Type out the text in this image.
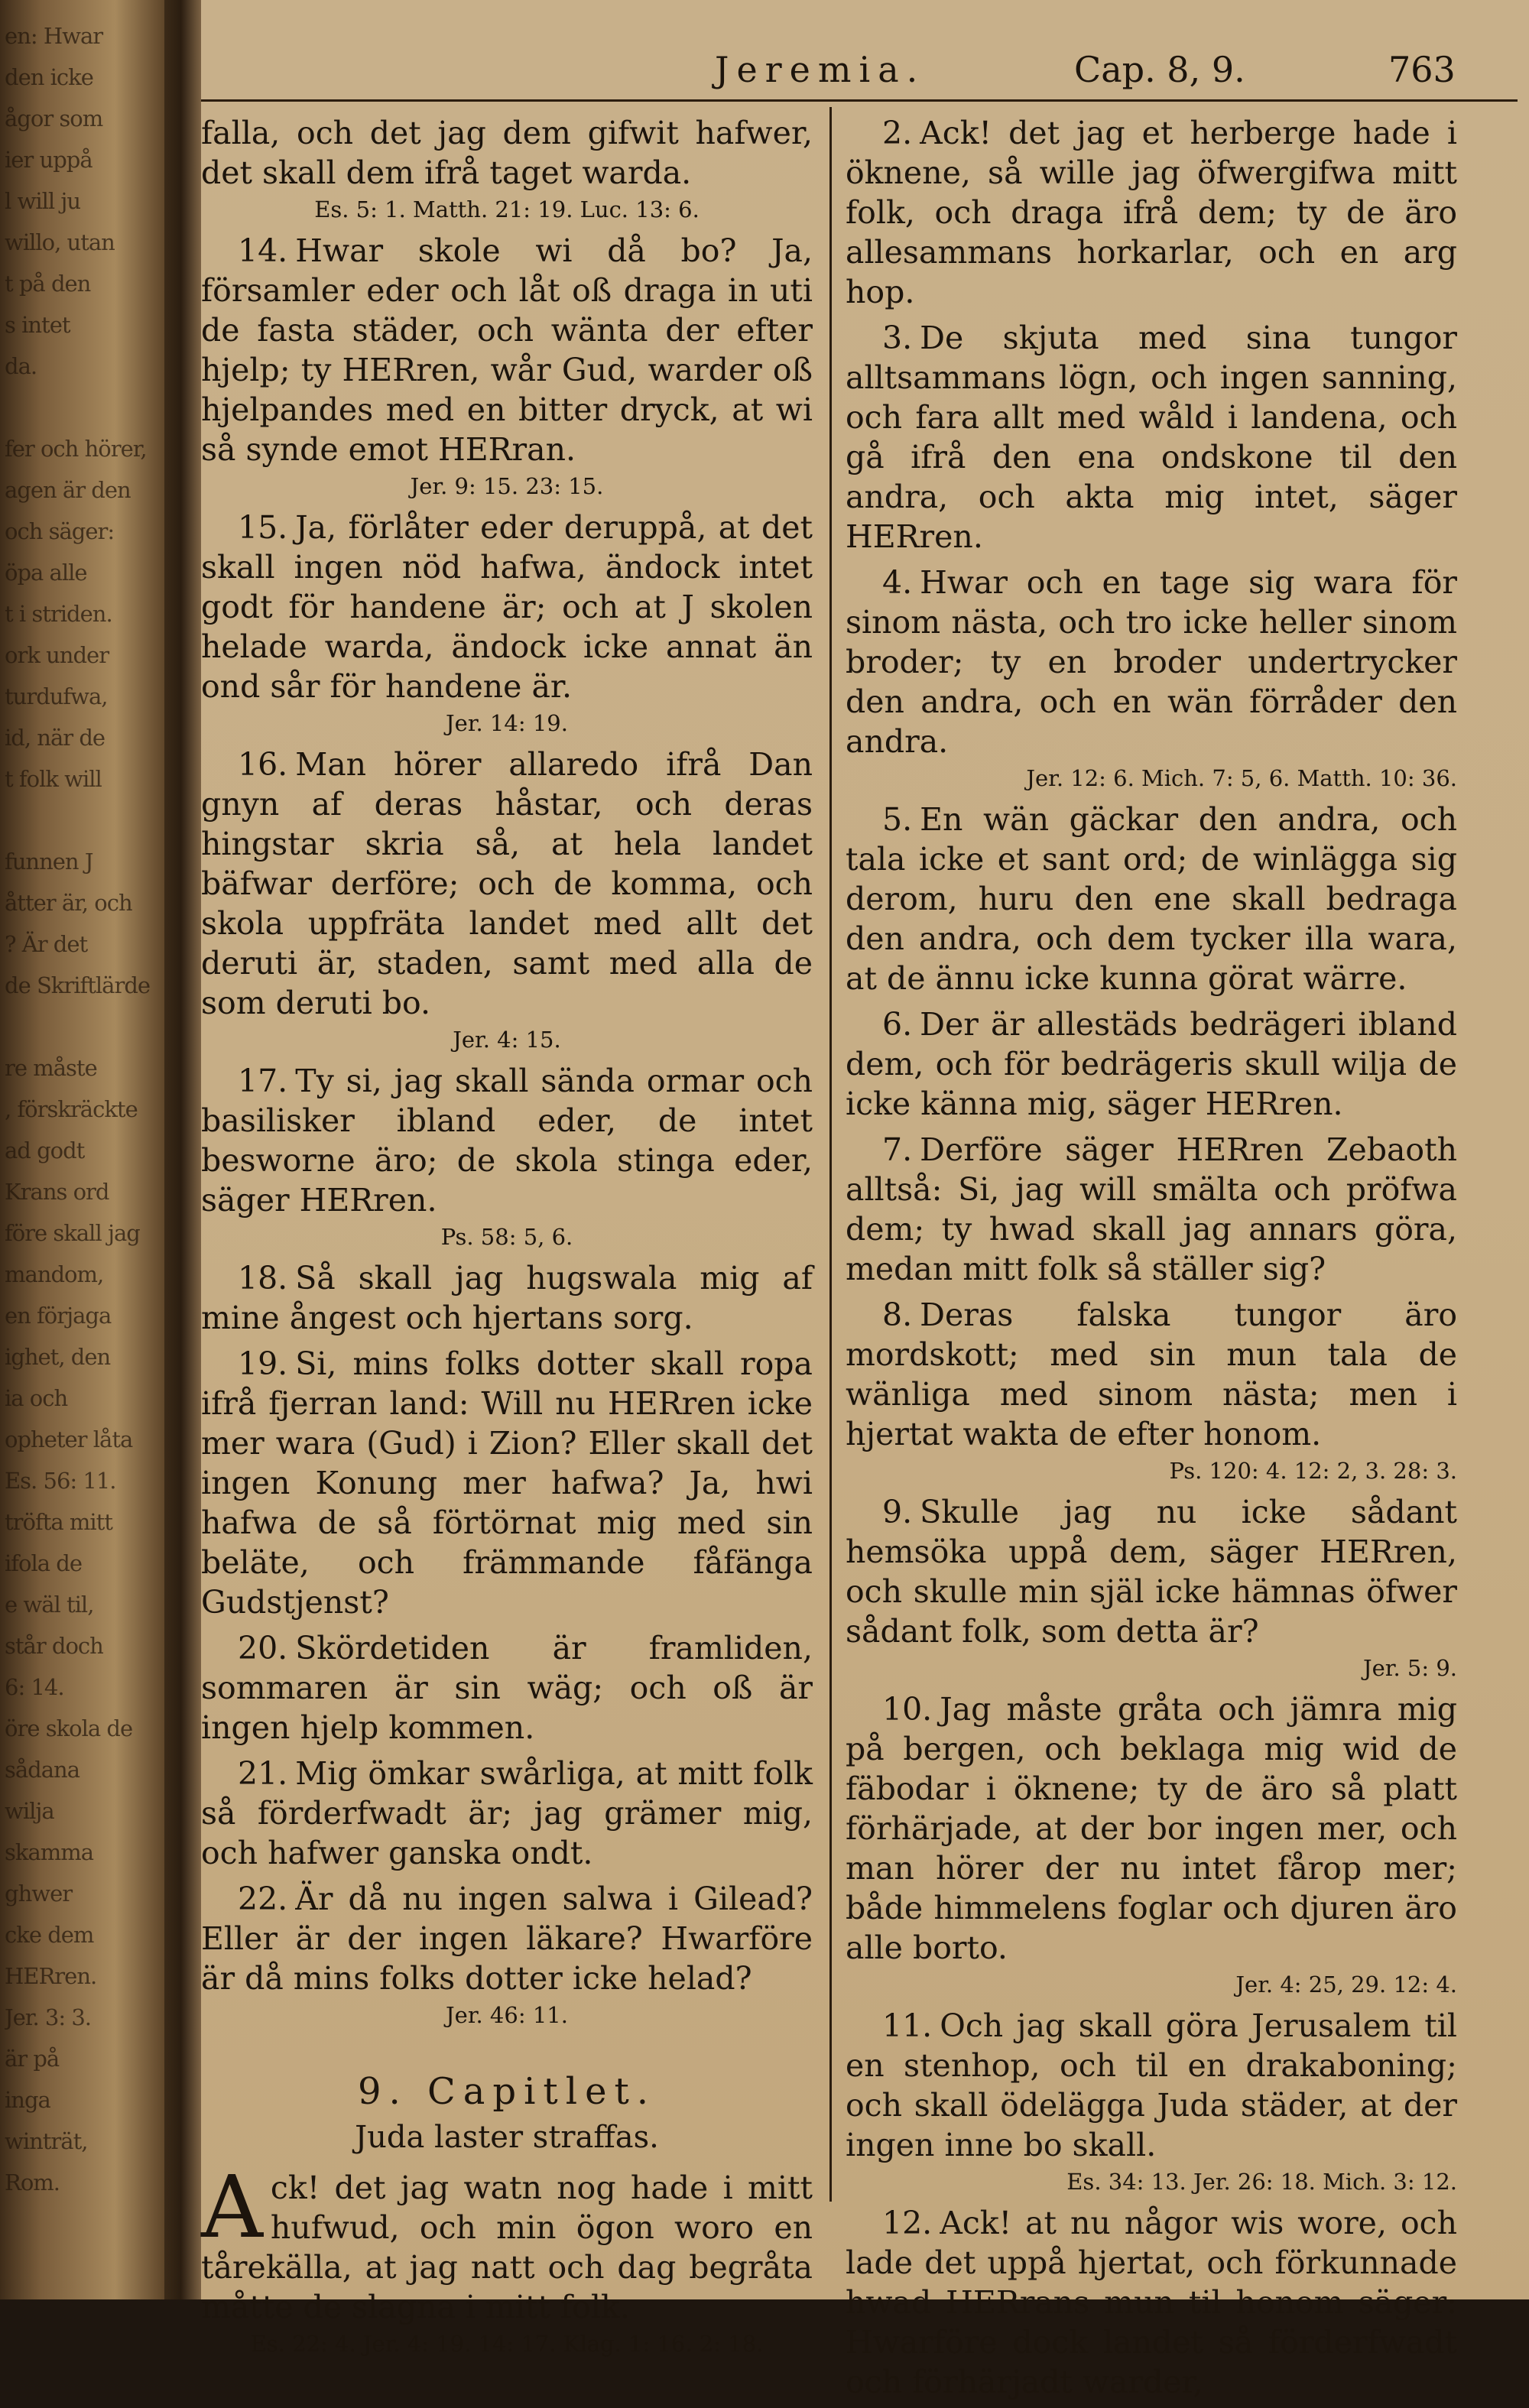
en: Hwar
den icke
ågor som
ier uppå
l will ju
willo, utan
t på den
s intet
da.
fer och hörer,
agen är den
och säger:
öpa alle
t i striden.
ork under
turdufwa,
id, när de
t folk will
funnen J
åtter är, och
? Är det
de Skriftlärde
re måste
, förskräckte
ad godt
Krans ord
före skall jag
mandom,
en förjaga
ighet, den
ia och
opheter låta
Es. 56: 11.
tröfta mitt
ifola de
e wäl til,
står doch
6: 14.
öre skola de
sådana
wilja
skamma
ghwer
cke dem
HERren.
Jer. 3: 3.
är på
inga
winträt,
Rom.
Jeremia.	Cap. 8, 9.	763

falla, och det jag dem gifwit hafwer, det skall dem ifrå taget warda.

Es. 5: 1. Matth. 21: 19. Luc. 13: 6.

14. Hwar skole wi då bo? Ja, församler eder och låt oß draga in uti de fasta städer, och wänta der efter hjelp; ty HERren, wår Gud, warder oß hjelpandes med en bitter dryck, at wi så synde emot HERran.

Jer. 9: 15. 23: 15.

15. Ja, förlåter eder deruppå, at det skall ingen nöd hafwa, ändock intet godt för handene är; och at J skolen helade warda, ändock icke annat än ond sår för handene är.

Jer. 14: 19.

16. Man hörer allaredo ifrå Dan gnyn af deras håstar, och deras hingstar skria så, at hela landet bäfwar derföre; och de komma, och skola uppfräta landet med allt det deruti är, staden, samt med alla de som deruti bo.

Jer. 4: 15.

17. Ty si, jag skall sända ormar och basilisker ibland eder, de intet besworne äro; de skola stinga eder, säger HERren.

Ps. 58: 5, 6.

18. Så skall jag hugswala mig af mine ångest och hjertans sorg.

19. Si, mins folks dotter skall ropa ifrå fjerran land: Will nu HERren icke mer wara (Gud) i Zion? Eller skall det ingen Konung mer hafwa? Ja, hwi hafwa de så förtörnat mig med sin beläte, och främmande fåfänga Gudstjenst?

20. Skördetiden är framliden, sommaren är sin wäg; och oß är ingen hjelp kommen.

21. Mig ömkar swårliga, at mitt folk så förderfwadt är; jag grämer mig, och hafwer ganska ondt.

22. Är då nu ingen salwa i Gilead? Eller är der ingen läkare? Hwarföre är då mins folks dotter icke helad?

Jer. 46: 11.
9. Capitlet.
Juda laster straffas.

Ack! det jag watn nog hade i mitt hufwud, och min ögon woro en tårekälla, at jag natt och dag begråta måtte de slagna i mitt folk.

Es. 22: 4. Jer. 4: 19. 14: 17. Klag. 1: 16. 2: 18.

2. Ack! det jag et herberge hade i öknene, så wille jag öfwergifwa mitt folk, och draga ifrå dem; ty de äro allesammans horkarlar, och en arg hop.

3. De skjuta med sina tungor alltsammans lögn, och ingen sanning, och fara allt med wåld i landena, och gå ifrå den ena ondskone til den andra, och akta mig intet, säger HERren.

4. Hwar och en tage sig wara för sinom nästa, och tro icke heller sinom broder; ty en broder undertrycker den andra, och en wän förråder den andra.

Jer. 12: 6. Mich. 7: 5, 6. Matth. 10: 36.

5. En wän gäckar den andra, och tala icke et sant ord; de winlägga sig derom, huru den ene skall bedraga den andra, och dem tycker illa wara, at de ännu icke kunna görat wärre.

6. Der är allestäds bedrägeri ibland dem, och för bedrägeris skull wilja de icke känna mig, säger HERren.

7. Derföre säger HERren Zebaoth alltså: Si, jag will smälta och pröfwa dem; ty hwad skall jag annars göra, medan mitt folk så ställer sig?

8. Deras falska tungor äro mordskott; med sin mun tala de wänliga med sinom nästa; men i hjertat wakta de efter honom.

Ps. 120: 4. 12: 2, 3. 28: 3.

9. Skulle jag nu icke sådant hemsöka uppå dem, säger HERren, och skulle min själ icke hämnas öfwer sådant folk, som detta är?

Jer. 5: 9.

10. Jag måste gråta och jämra mig på bergen, och beklaga mig wid de fäbodar i öknene; ty de äro så platt förhärjade, at der bor ingen mer, och man hörer der nu intet fårop mer; både himmelens foglar och djuren äro alle borto.

Jer. 4: 25, 29. 12: 4.

11. Och jag skall göra Jerusalem til en stenhop, och til en drakaboning; och skall ödelägga Juda städer, at der ingen inne bo skall.

Es. 34: 13. Jer. 26: 18. Mich. 3: 12.

12. Ack! at nu någor wis wore, och lade det uppå hjertat, och förkunnade hwad HERrans mun til honom säger: Hwarföre dock landet så förderfwadt och förhärjadt warder,
